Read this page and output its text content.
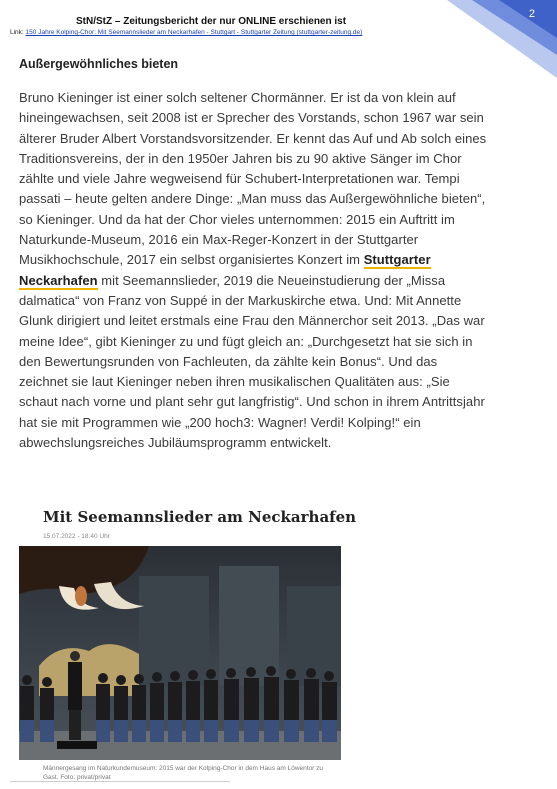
2
StN/StZ – Zeitungsbericht der nur ONLINE erschienen ist
Link: 150 Jahre Kolping-Chor: Mit Seemannslieder am Neckarhafen - Stuttgart - Stuttgarter Zeitung (stuttgarter-zeitung.de)
Außergewöhnliches bieten
Bruno Kieninger ist einer solch seltener Chormänner. Er ist da von klein auf hineingewachsen, seit 2008 ist er Sprecher des Vorstands, schon 1967 war sein älterer Bruder Albert Vorstandsvorsitzender. Er kennt das Auf und Ab solch eines Traditionsvereins, der in den 1950er Jahren bis zu 90 aktive Sänger im Chor zählte und viele Jahre wegweisend für Schubert-Interpretationen war. Tempi passati – heute gelten andere Dinge: „Man muss das Außergewöhnliche bieten“, so Kieninger. Und da hat der Chor vieles unternommen: 2015 ein Auftritt im Naturkunde-Museum, 2016 ein Max-Reger-Konzert in der Stuttgarter Musikhochschule, 2017 ein selbst organisiertes Konzert im Stuttgarter Neckarhafen mit Seemannslieder, 2019 die Neueinstudierung der „Missa dalmatica“ von Franz von Suppé in der Markuskirche etwa. Und: Mit Annette Glunk dirigiert und leitet erstmals eine Frau den Männerchor seit 2013. „Das war meine Idee“, gibt Kieninger zu und fügt gleich an: „Durchgesetzt hat sie sich in den Bewertungsrunden von Fachleuten, da zählte kein Bonus“. Und das zeichnet sie laut Kieninger neben ihren musikalischen Qualitäten aus: „Sie schaut nach vorne und plant sehr gut langfristig“. Und schon in ihrem Antrittsjahr hat sie mit Programmen wie „200 hoch3: Wagner! Verdi! Kolping!“ ein abwechslungsreiches Jubiläumsprogramm entwickelt.
Mit Seemannslieder am Neckarhafen
15.07.2022 - 18:40 Uhr
Männergesang im Naturkundemuseum: 2015 war der Kolping-Chor in dem Haus am Löwentor zu Gast. Foto: privat/privat
